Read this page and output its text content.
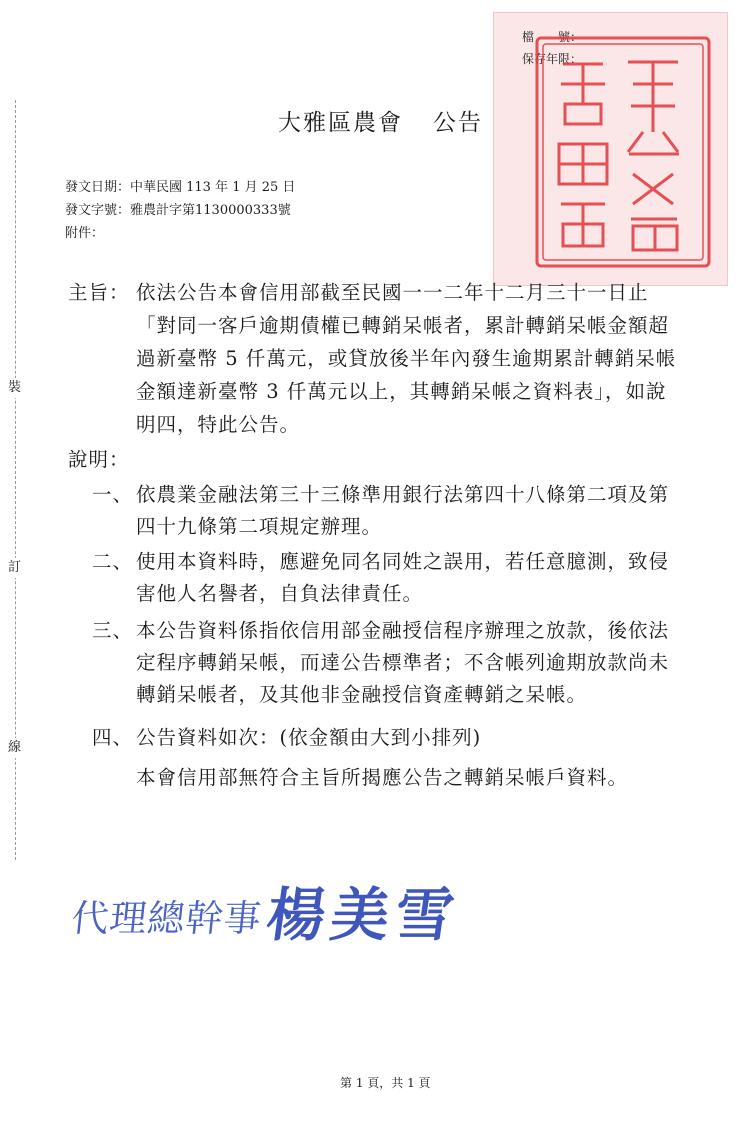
裝
訂
線
檔　　號：
保存年限：
大雅區農會 公告
發文日期：中華民國 113 年 1 月 25 日
發文字號：雅農計字第1130000333號
附件：
主旨： 依法公告本會信用部截至民國一一二年十二月三十一日止
「對同一客戶逾期債權已轉銷呆帳者，累計轉銷呆帳金額超
過新臺幣 5 仟萬元，或貸放後半年內發生逾期累計轉銷呆帳
金額達新臺幣 3 仟萬元以上，其轉銷呆帳之資料表」，如說
明四，特此公告。
說明：
一、 依農業金融法第三十三條準用銀行法第四十八條第二項及第
四十九條第二項規定辦理。
二、 使用本資料時，應避免同名同姓之誤用，若任意臆測，致侵
害他人名譽者，自負法律責任。
三、 本公告資料係指依信用部金融授信程序辦理之放款，後依法
定程序轉銷呆帳，而達公告標準者；不含帳列逾期放款尚未
轉銷呆帳者，及其他非金融授信資產轉銷之呆帳。
四、 公告資料如次：(依金額由大到小排列)
本會信用部無符合主旨所揭應公告之轉銷呆帳戶資料。
代理總幹事
楊美雪
第 1 頁，共 1 頁
